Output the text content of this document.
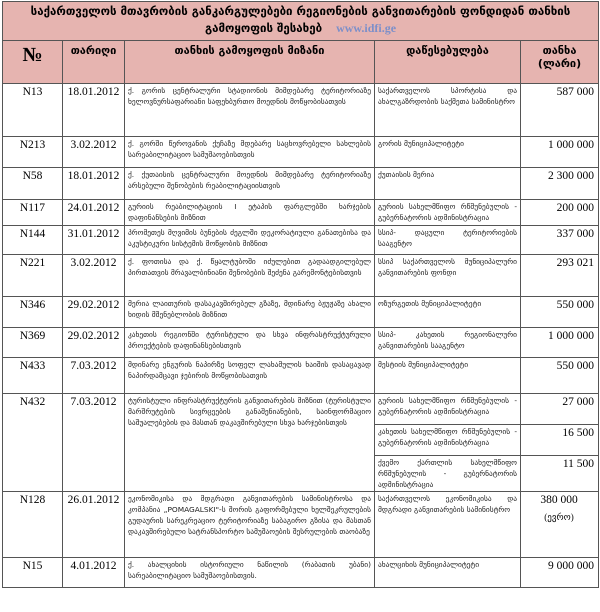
საქართველოს მთავრობის განკარგულებები რეგიონების განვითარების ფონდიდან თანხის გამოყოფის შესახებ www.idfi.ge				
№	თარიღი	თანხის გამოყოფის მიზანი	დაწესებულება	თანხა (ლარი)
N13	18.01.2012	ქ. გორის ცენტრალური სტადიონის მიმდებარე ტერიტორიაზე ხელოვნურსაფარიანი საფეხბურთო მოედნის მოწყობისათვის	საქართველოს სპორტისა და ახალგაზრდობის საქმეთა სამინისტრო	587 000
N213	3.02.2012	ქ. გორში წეროვანის ქუჩაზე მდებარე საცხოვრებელი სახლების სარეაბილიტაციო სამუშაოებისთვის	გორის მუნიციპალიტეტი	1 000 000
N58	18.01.2012	ქ. ქუთაისის ცენტრალური მოედნის მიმდებარე ტერიტორიაზე არსებული შენობების რეაბილიტაციისთვის	ქუთაისის მერია	2 300 000
N117	24.01.2012	გურიის რეაბილიტაციის I ეტაპის ფარგლებში ხარჯების დაფინანსების მიზნით	გურიის სახელმწიფო რწმუნებულის - გუბერნატორის ადმინისტრაცია	200 000
N144	31.01.2012	პრომეთეს მღვიმის ბუნების ძეგლში დეკორატიული განათებისა და აკუსტიკური სისტემის მოწყობის მიზნით	სსიპ- დაცული ტერიტორიების სააგენტო	337 000
N221	3.02.2012	ქ. ფოთისა და ქ. წყალტუბოში იძულებით გადაადგილებულ პირთათვის მრავალბინიანი შენობების შეძენა გარემონტებისთვის	სსიპ საქართველოს მუნიციპალური განვითარების ფონდი	293 021
N346	29.02.2012	მერია ლაითურის დასაკავშირებელ გზაზე, მდინარე ბჟუჟაზე ახალი ხიდის მშენებლობის მიზნით	ოზურგეთის მუნიციპალიტეტი	550 000
N369	29.02.2012	კახეთის რეგიონში ტურისტული და სხვა ინფრასტრუქტურული პროექტების დაფინანსებისთვის	სსიპ- კახეთის რეგიონალური განვითარების სააგენტო	1 000 000
N433	7.03.2012	მდინარე ენგურის ნაპირზე სოფელ ლახამულის ხაიშის დასაცავად ნაპირდამცავი ჯებირის მოწყობისათვის	მესტიის მუნიციპალიტეტი	550 000
N432	7.03.2012	ტურისტული ინფრასტრუქტურის განვითარების მიზნით (ტურისტული მარშრუტების სივრცეების განაშენიანების, საინფორმაციო საშუალებების და მასთან დაკავშირებული სხვა ხარჯებისთვის	გურიის სახელმწიფო რწმუნებულის - გუბერნატორის ადმინისტრაცია	27 000
			კახეთის სახელმწიფო რწმუნებულის - გუბერნატორის ადმინისტრაცია	16 500
			ქვემო ქართლის სახელმწიფო რწმუნებულის - გუბერნატორის ადმინისტრაცია	11 500
N128	26.01.2012	ეკონომიკისა და მდგრადი განვითარების სამინისტროსა და კომპანია „POMAGALSKI"-ს შორის გაფორმებული ხელშეკრულების გუდაურის სარეკრეაციო ტერიტორიაზე საბაგირო გზისა და მასთან დაკავშირებული სატრანსპორტო სამუშაოების შესრულების თაობაზე	საქართველოს ეკონომიკისა და მდგრადი განვითარების სამინისტრო	380 000
(ევრო)

N15	4.01.2012	ქ. ახალციხის ისტორიული ნაწილის (რაბათის უბანი) სარეაბილიტაციო სამუშაოებისთვის.	ახალციხის მუნიციპალიტეტი	9 000 000
